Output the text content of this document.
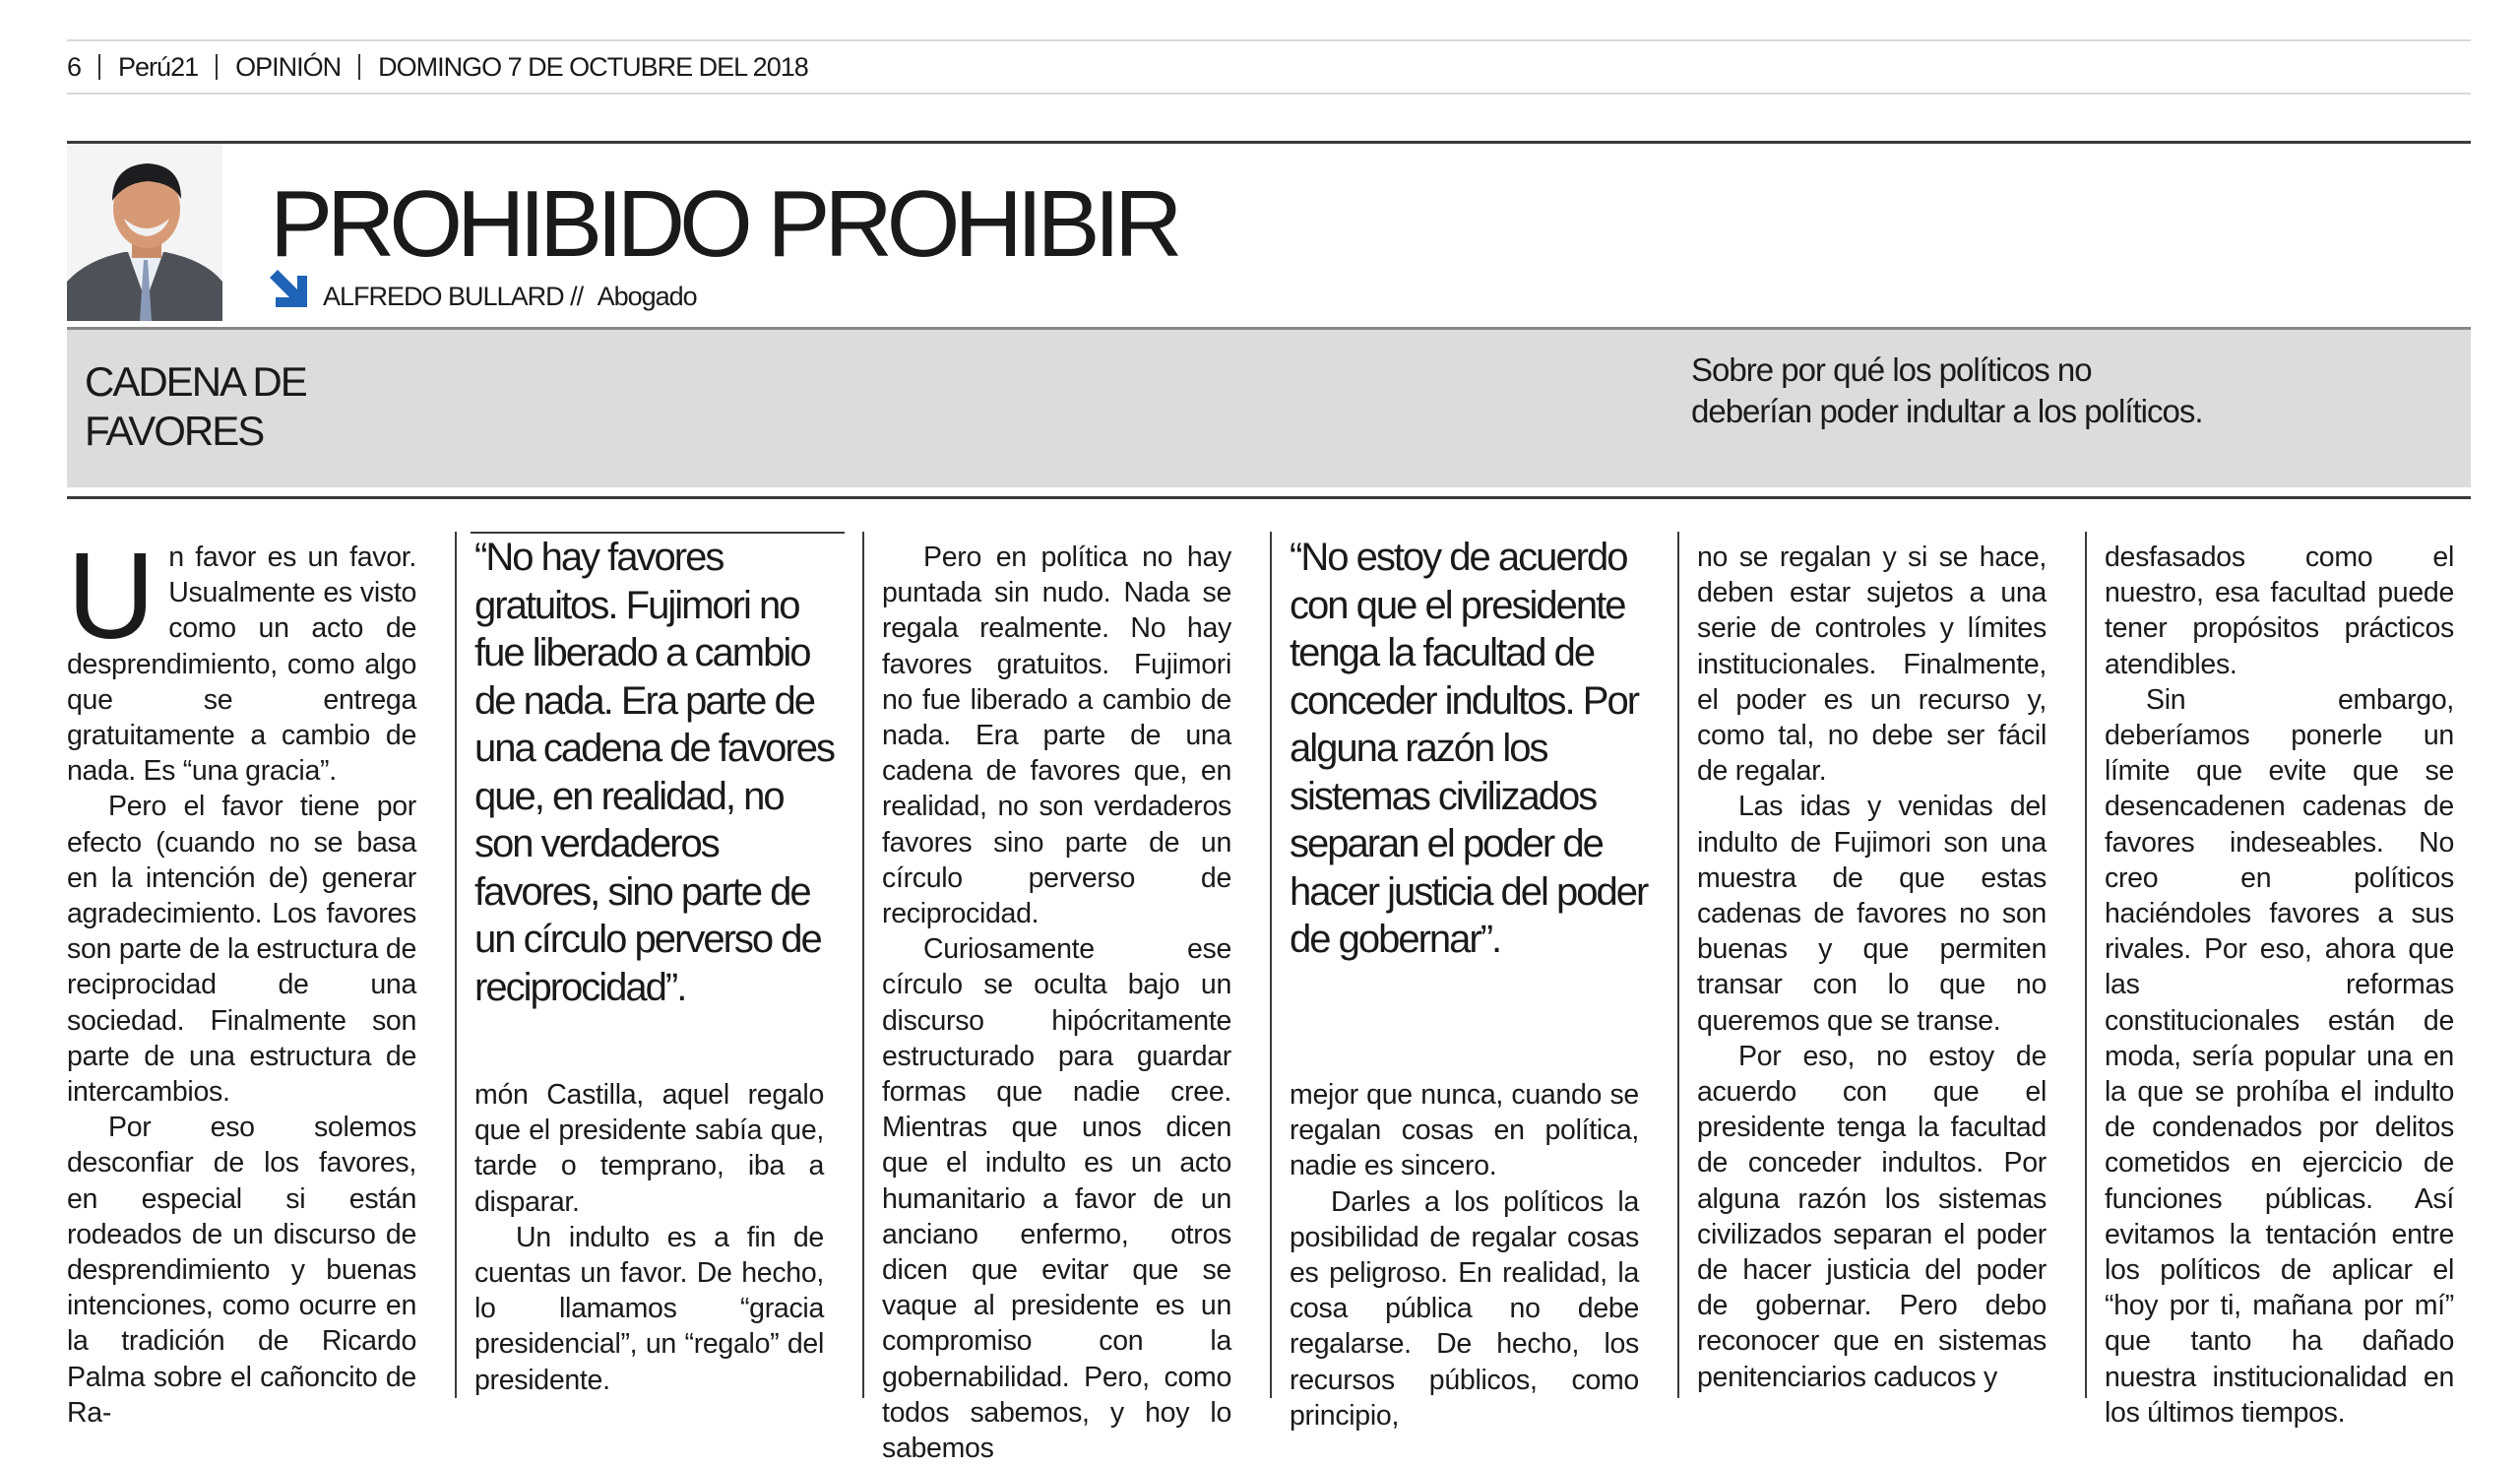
6 Perú21 OPINIÓN DOMINGO 7 DE OCTUBRE DEL 2018
PROHIBIDO PROHIBIR
ALFREDO BULLARD // Abogado
CADENA DE
FAVORES
Sobre por qué los políticos no
deberían poder indultar a los políticos.

Un favor es un favor. Usualmente es visto como un acto de desprendimiento, como algo que se entrega gratuitamente a cambio de nada. Es “una gracia”.

Pero el favor tiene por efecto (cuando no se basa en la intención de) generar agradecimiento. Los favores son parte de la estructura de reciprocidad de una sociedad. Finalmente son parte de una estructura de intercambios.

Por eso solemos desconfiar de los favores, en especial si están rodeados de un discurso de desprendimiento y buenas intenciones, como ocurre en la tradición de Ricardo Palma sobre el cañoncito de Ra-

“No hay favores gratuitos. Fujimori no fue liberado a cambio de nada. Era parte de una cadena de favores que, en realidad, no son verdaderos favores, sino parte de un círculo perverso de reciprocidad”.

món Castilla, aquel regalo que el presidente sabía que, tarde o temprano, iba a disparar.

Un indulto es a fin de cuentas un favor. De hecho, lo llamamos “gracia presidencial”, un “regalo” del presidente.

Pero en política no hay puntada sin nudo. Nada se regala realmente. No hay favores gratuitos. Fujimori no fue liberado a cambio de nada. Era parte de una cadena de favores que, en realidad, no son verdaderos favores sino parte de un círculo perverso de reciprocidad.

Curiosamente ese círculo se oculta bajo un discurso hipócritamente estructurado para guardar formas que nadie cree. Mientras que unos dicen que el indulto es un acto humanitario a favor de un anciano enfermo, otros dicen que evitar que se vaque al presidente es un compromiso con la gobernabilidad. Pero, como todos sabemos, y hoy lo sabemos

“No estoy de acuerdo con que el presidente tenga la facultad de conceder indultos. Por alguna razón los sistemas civilizados separan el poder de hacer justicia del poder de gobernar”.

mejor que nunca, cuando se regalan cosas en política, nadie es sincero.

Darles a los políticos la posibilidad de regalar cosas es peligroso. En realidad, la cosa pública no debe regalarse. De hecho, los recursos públicos, como principio,

no se regalan y si se hace, deben estar sujetos a una serie de controles y límites institucionales. Finalmente, el poder es un recurso y, como tal, no debe ser fácil de regalar.

Las idas y venidas del indulto de Fujimori son una muestra de que estas cadenas de favores no son buenas y que permiten transar con lo que no queremos que se transe.

Por eso, no estoy de acuerdo con que el presidente tenga la facultad de conceder indultos. Por alguna razón los sistemas civilizados separan el poder de hacer justicia del poder de gobernar. Pero debo reconocer que en sistemas penitenciarios caducos y

desfasados como el nuestro, esa facultad puede tener propósitos prácticos atendibles.

Sin embargo, deberíamos ponerle un límite que evite que se desencadenen cadenas de favores indeseables. No creo en políticos haciéndoles favores a sus rivales. Por eso, ahora que las reformas constitucionales están de moda, sería popular una en la que se prohíba el indulto de condenados por delitos cometidos en ejercicio de funciones públicas. Así evitamos la tentación entre los políticos de aplicar el “hoy por ti, mañana por mí” que tanto ha dañado nuestra institucionalidad en los últimos tiempos.
